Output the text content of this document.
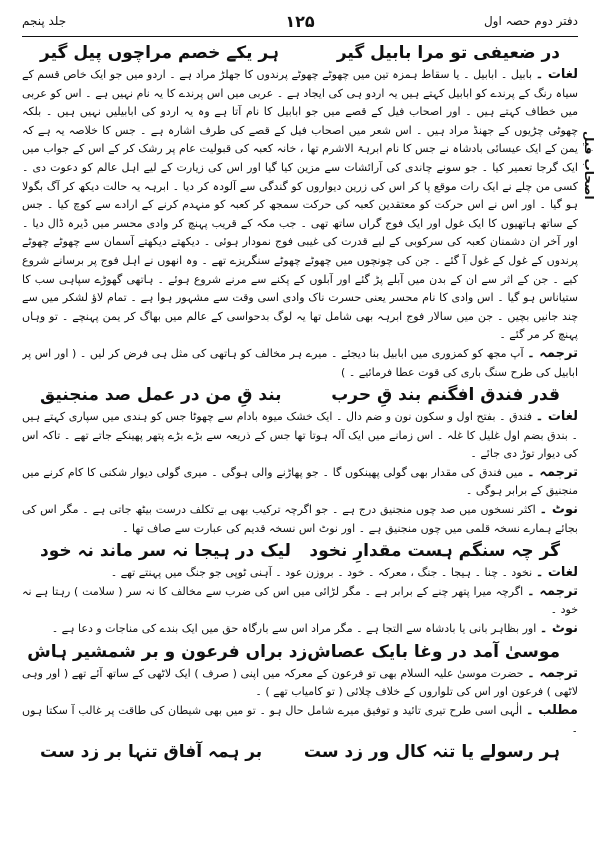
جلد پنجم	۱۲۵	دفتر دوم حصہ اول
اصحاب فیل
در ضعیفی تو مرا بابیل گیر
ہر یکے خصم مراچوں پیل گیر

لغات ۔ بابیل ۔ ابابیل ۔ یا سقاط ہمزہ تین میں چھوٹے چھوٹے پرندوں کا جھلڑ مراد ہے ۔ اردو میں جو ایک خاص قسم کے سیاہ رنگ کے پرندے کو ابابیل کہتے ہیں یہ اردو ہی کی ایجاد ہے ۔ عربی میں اس پرندے کا یہ نام نہیں ہے ۔ اس کو عربی میں خطاف کہتے ہیں ۔ اور اصحاب فیل کے قصے میں جو ابابیل کا نام آتا ہے وہ یہ اردو کی ابابیلیں نہیں ہیں ۔ بلکہ چھوٹی چڑیوں کے جھنڈ مراد ہیں ۔ اس شعر میں اصحاب فیل کے قصے کی طرف اشارہ ہے ۔ جس کا خلاصہ یہ ہے کہ یمن کے ایک عیسائی بادشاہ نے جس کا نام ابرہۃ الاشرم تھا ، خانہ کعبہ کی قبولیت عام پر رشک کر کے اس کے جواب میں ایک گرجا تعمیر کیا ۔ جو سونے چاندی کی آرائشات سے مزین کیا گیا اور اس کی زیارت کے لیے اہل عالم کو دعوت دی ۔ کسی من چلے نے ایک رات موقع پا کر اس کی زرین دیواروں کو گندگی سے آلودہ کر دیا ۔ ابرہہ یہ حالت دیکھ کر آگ بگولا ہو گیا ۔ اور اس نے اس حرکت کو معتقدین کعبہ کی حرکت سمجھ کر کعبہ کو منہدم کرنے کے ارادے سے کوچ کیا ۔ جس کے ساتھ ہاتھیوں کا ایک غول اور ایک فوج گراں ساتھ تھی ۔ جب مکہ کے قریب پہنچ کر وادی محسر میں ڈیرہ ڈال دیا ۔ اور آخر ان دشمنان کعبہ کی سرکوبی کے لیے قدرت کی غیبی فوج نمودار ہوئی ۔ دیکھتے دیکھتے آسمان سے چھوٹے چھوٹے پرندوں کے غول کے غول آ گئے ۔ جن کی چونچوں میں چھوٹے چھوٹے سنگریزے تھے ۔ وہ انھوں نے اہل فوج پر برسانے شروع کیے ۔ جن کے اثر سے ان کے بدن میں آبلے پڑ گئے اور آبلوں کے پکنے سے مرنے شروع ہوئے ۔ ہاتھی گھوڑے سپاہی سب کا ستیاناس ہو گیا ۔ اس وادی کا نام محسر یعنی حسرت ناک وادی اسی وقت سے مشہور ہوا ہے ۔ تمام لاؤ لشکر میں سے چند جانیں بچیں ۔ جن میں سالار فوج ابرہہ بھی شامل تھا یہ لوگ بدحواسی کے عالم میں بھاگ کر یمن پہنچے ۔ تو وہاں پہنچ کر مر گئے ۔

ترجمہ ۔ آپ مجھ کو کمزوری میں ابابیل بنا دیجئے ۔ میرے ہر مخالف کو ہاتھی کی مثل ہی فرض کر لیں ۔ ( اور اس پر ابابیل کی طرح سنگ باری کی قوت عطا فرمائیے ۔ )

قدر فندق افگنم بند قِ حرب
بند قِ من در عمل صد منجنیق

لغات ۔ فندق ۔ بفتح اول و سکون نون و ضم دال ۔ ایک خشک میوہ بادام سے چھوٹا جس کو ہندی میں سپاری کہتے ہیں ۔ بندق بضم اول غلیل کا غلہ ۔ اس زمانے میں ایک آلہ ہوتا تھا جس کے ذریعہ سے بڑے بڑے پتھر پھینکے جاتے تھے ۔ تاکہ اس کی دیوار توڑ دی جائے ۔

ترجمہ ۔ میں فندق کی مقدار بھی گولی پھینکوں گا ۔ جو پھاڑنے والی ہوگی ۔ میری گولی دیوار شکنی کا کام کرنے میں منجنیق کے برابر ہوگی ۔

نوٹ ۔ اکثر نسخوں میں صد چوں منجنیق درج ہے ۔ جو اگرچہ ترکیب بھی بے تکلف درست بیٹھ جاتی ہے ۔ مگر اس کی بجائے ہمارے نسخہ قلمی میں چوں منجنیق ہے ۔ اور نوٹ اس نسخہ قدیم کی عبارت سے صاف تھا ۔

گر چہ سنگم ہست مقدارِ نخود
لیک در ہیجا نہ سر ماند نہ خود

لغات ۔ نخود ۔ چنا ۔ ہیجا ۔ جنگ ، معرکہ ۔ خود ۔ بروزن عود ۔ آہنی ٹوپی جو جنگ میں پہنتے تھے ۔

ترجمہ ۔ اگرچہ میرا پتھر چنے کے برابر ہے ۔ مگر لڑائی میں اس کی ضرب سے مخالف کا نہ سر ( سلامت ) رہتا ہے نہ خود ۔

نوٹ ۔ اور بظاہر بانی یا بادشاہ سے التجا ہے ۔ مگر مراد اس سے بارگاہ حق میں ایک بندے کی مناجات و دعا ہے ۔

موسیٰ آمد در وغا بایک عصاش
زد براں فرعون و بر شمشیر ہاش

ترجمہ ۔ حضرت موسیٰ علیہ السلام بھی تو فرعون کے معرکہ میں اپنی ( صرف ) ایک لاٹھی کے ساتھ آئے تھے ( اور وہی لاٹھی ) فرعون اور اس کی تلواروں کے خلاف چلائی ( تو کامیاب تھے ) ۔

مطلب ۔ الٰہی اسی طرح تیری تائید و توفیق میرے شامل حال ہو ۔ تو میں بھی شیطان کی طاقت پر غالب آ سکتا ہوں ۔

ہر رسولے یا تنہ کال ور زد ست
بر ہمہ آفاق تنہا بر زد ست
